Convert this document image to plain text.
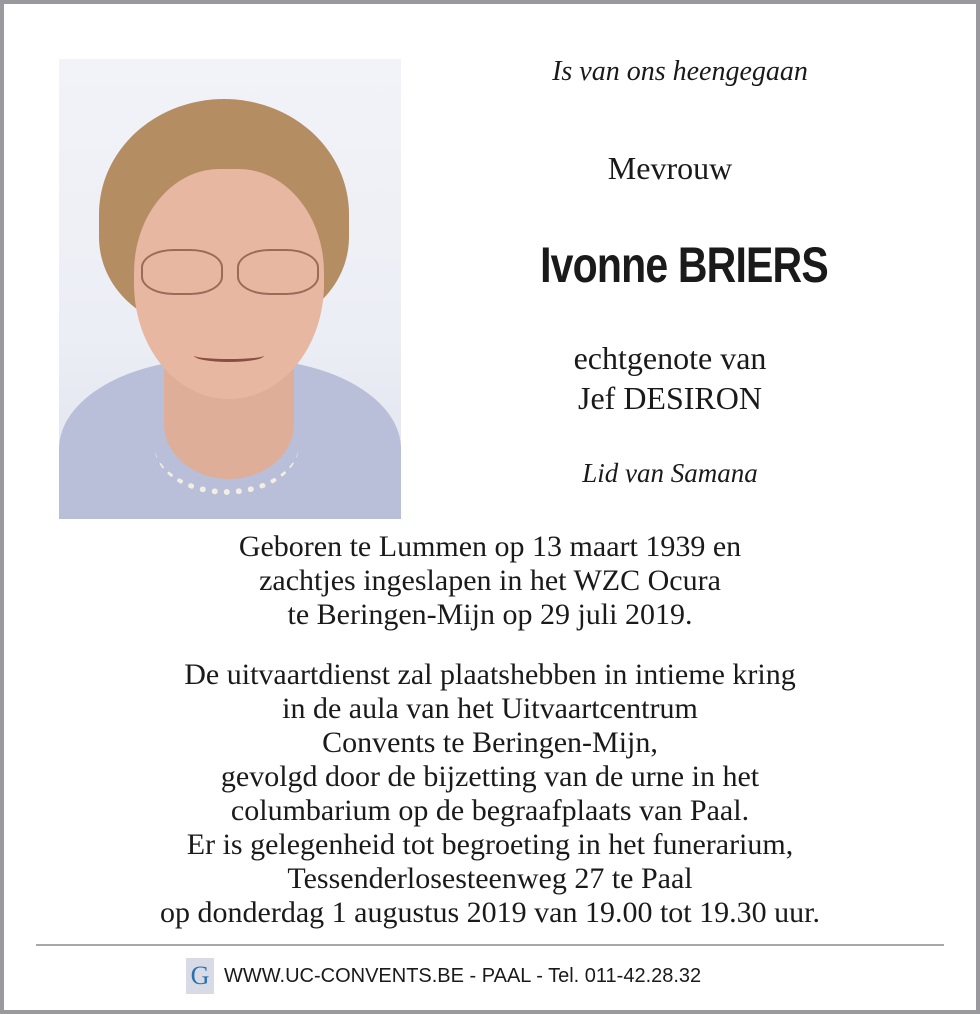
Is van ons heengegaan
Mevrouw
Ivonne BRIERS
echtgenote van
Jef DESIRON
Lid van Samana
Geboren te Lummen op 13 maart 1939 en
zachtjes ingeslapen in het WZC Ocura
te Beringen-Mijn op 29 juli 2019.
De uitvaartdienst zal plaatshebben in intieme kring
in de aula van het Uitvaartcentrum
Convents te Beringen-Mijn,
gevolgd door de bijzetting van de urne in het
columbarium op de begraafplaats van Paal.
Er is gelegenheid tot begroeting in het funerarium,
Tessenderlosesteenweg 27 te Paal
op donderdag 1 augustus 2019 van 19.00 tot 19.30 uur.
G WWW.UC-CONVENTS.BE - PAAL - Tel. 011-42.28.32
